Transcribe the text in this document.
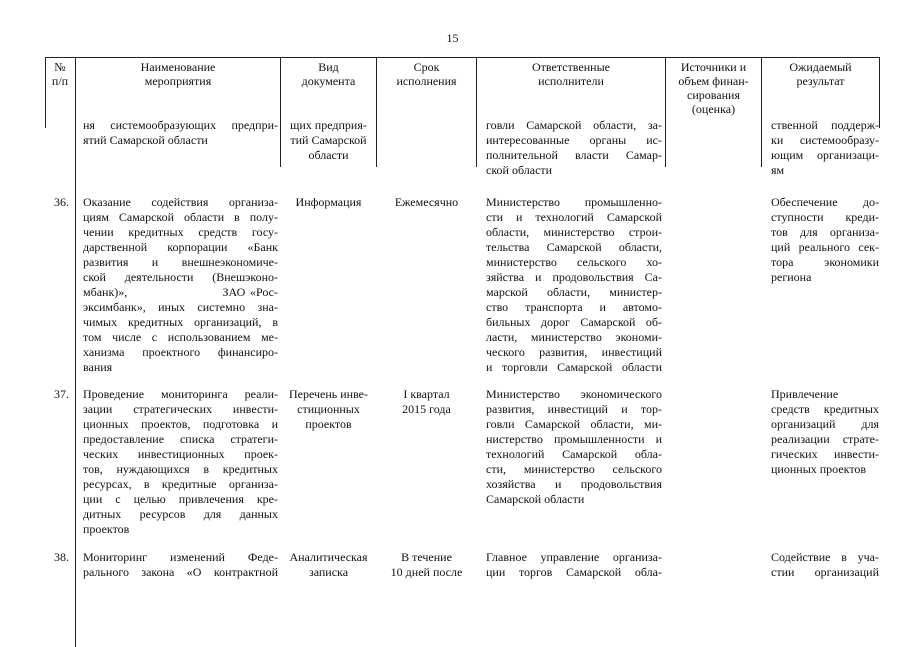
15
№
п/п
Наименование
мероприятия
Вид
документа
Срок
исполнения
Ответственные
исполнители
Источники и
объем финан-
сирования
(оценка)
Ожидаемый
результат
ня системообразующих предпри-
ятий Самарской области
щих предприя-
тий Самарской
области
говли Самарской области, за-
интересованные органы ис-
полнительной власти Самар-
ской области
ственной поддерж-
ки системообразу-
ющим организаци-
ям
36. Оказание содействия организа-
циям Самарской области в полу-
чении кредитных средств госу-
дарственной корпорации «Банк
развития и внешнеэкономиче-
ской деятельности (Внешэконо-
мбанк)»,                    ЗАО «Рос-
эксимбанк», иных системно зна-
чимых кредитных организаций, в
том числе с использованием ме-
ханизма проектного финансиро-
вания
Информация	Ежемесячно	Министерство промышленно-
сти и технологий Самарской
области, министерство строи-
тельства Самарской области,
министерство сельского хо-
зяйства и продовольствия Са-
марской области, министер-
ство транспорта и автомо-
бильных дорог Самарской об-
ласти, министерство экономи-
ческого развития, инвестиций
и торговли Самарской области
Обеспечение до-
ступности креди-
тов для организа-
ций реального сек-
тора экономики
региона
37. Проведение мониторинга реали-
зации стратегических инвести-
ционных проектов, подготовка и
предоставление списка стратеги-
ческих инвестиционных проек-
тов, нуждающихся в кредитных
ресурсах, в кредитные организа-
ции с целью привлечения кре-
дитных ресурсов для данных
проектов
Перечень инве-
стиционных
проектов
I квартал
2015 года
Министерство экономического
развития, инвестиций и тор-
говли Самарской области, ми-
нистерство промышленности и
технологий Самарской обла-
сти, министерство сельского
хозяйства и продовольствия
Самарской области
Привлечение
средств кредитных
организаций для
реализации страте-
гических инвести-
ционных проектов
38. Мониторинг изменений Феде-
рального закона «О контрактной
Аналитическая
записка
В течение
10 дней после
Главное управление организа-
ции торгов Самарской обла-
Содействие в уча-
стии организаций
